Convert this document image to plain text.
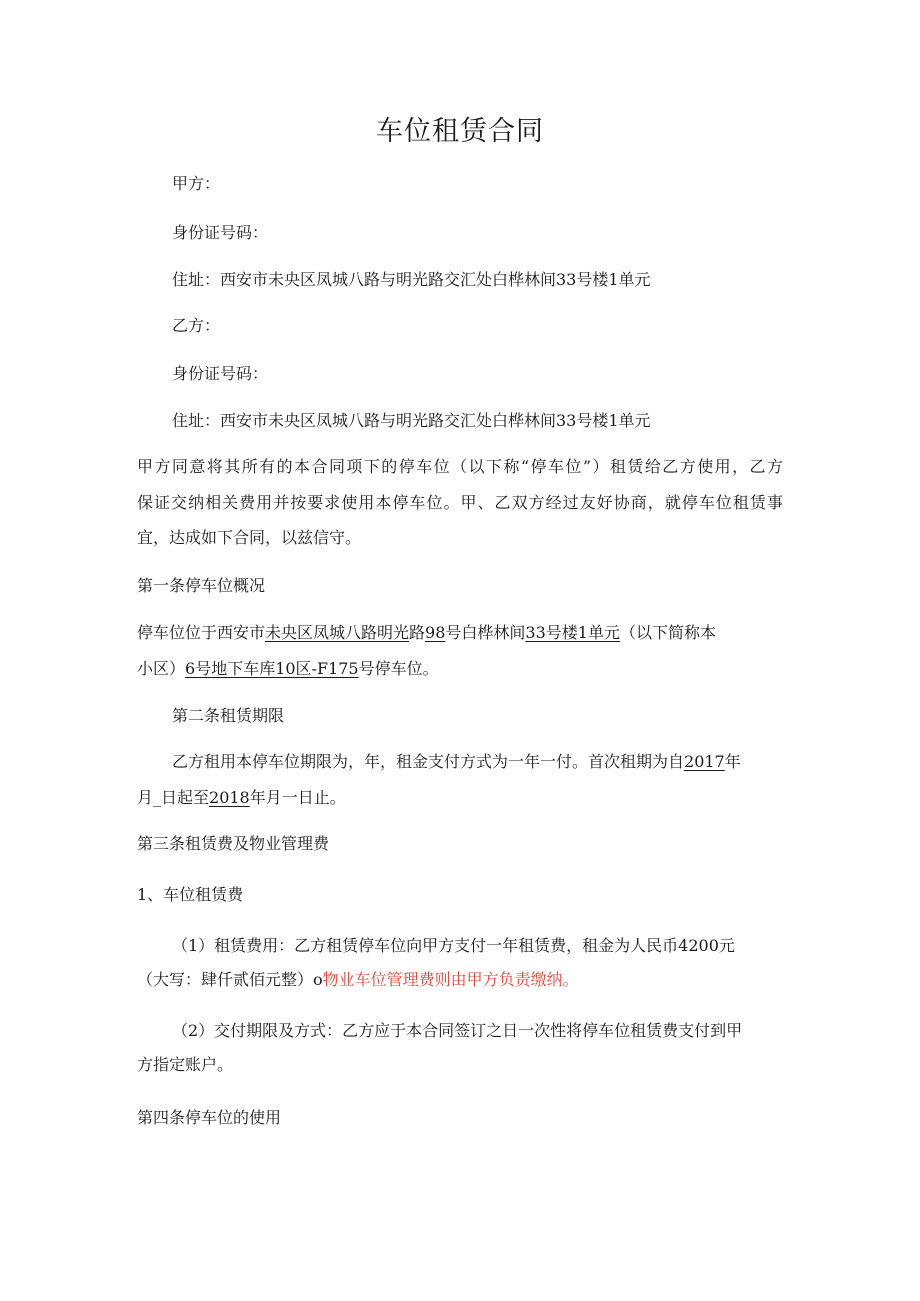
车位租赁合同
甲方：
身份证号码：
住址：西安市未央区凤城八路与明光路交汇处白桦林间33号楼1单元
乙方：
身份证号码：
住址：西安市未央区凤城八路与明光路交汇处白桦林间33号楼1单元
甲方同意将其所有的本合同项下的停车位（以下称“停车位”）租赁给乙方使用，乙方
保证交纳相关费用并按要求使用本停车位。甲、乙双方经过友好协商，就停车位租赁事
宜，达成如下合同，以兹信守。
第一条停车位概况
停车位位于西安市未央区凤城八路明光路98号白桦林间33号楼1单元（以下简称本
小区）6号地下车库10区-F175号停车位。
第二条租赁期限
乙方租用本停车位期限为，年，租金支付方式为一年一付。首次租期为自2017年
月_日起至2018年月一日止。
第三条租赁费及物业管理费
1、车位租赁费
（1）租赁费用：乙方租赁停车位向甲方支付一年租赁费，租金为人民币4200元
（大写：肆仟贰佰元整）o物业车位管理费则由甲方负责缴纳。
（2）交付期限及方式：乙方应于本合同签订之日一次性将停车位租赁费支付到甲
方指定账户。
第四条停车位的使用
